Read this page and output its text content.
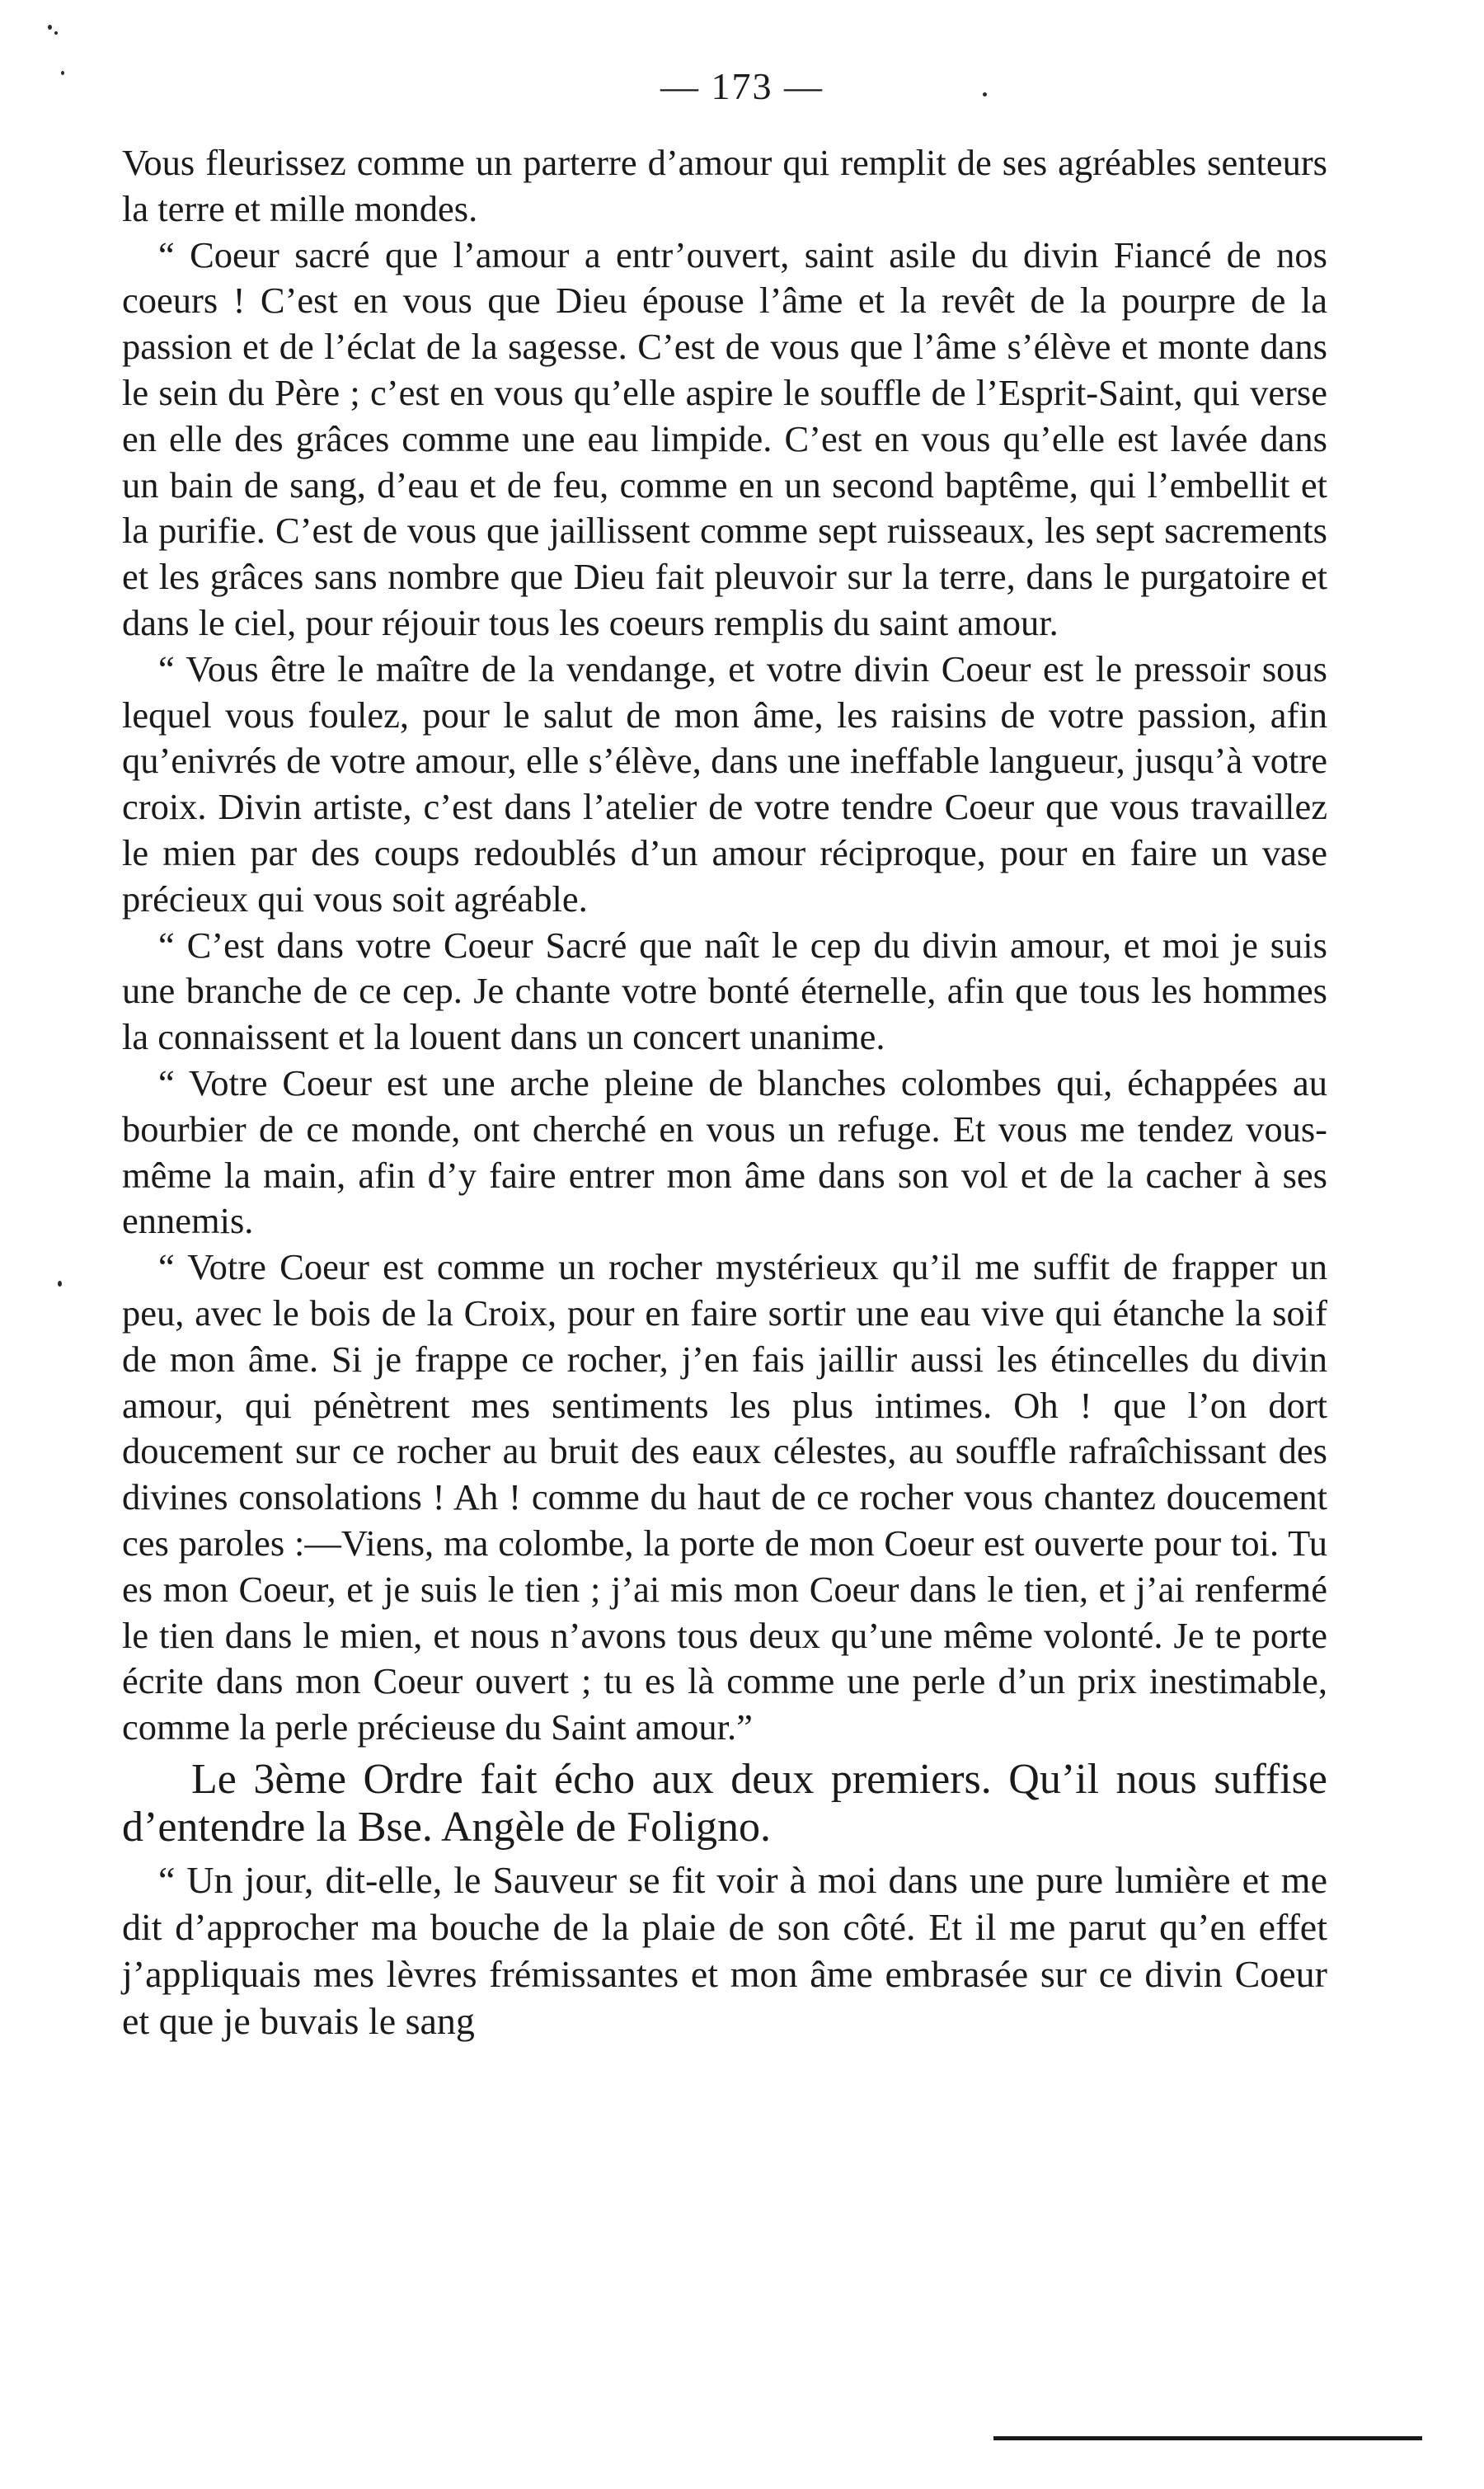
— 173 —

Vous fleurissez comme un parterre d’amour qui remplit de ses agréables senteurs la terre et mille mondes.

“ Coeur sacré que l’amour a entr’ouvert, saint asile du divin Fiancé de nos coeurs ! C’est en vous que Dieu épouse l’âme et la revêt de la pourpre de la passion et de l’éclat de la sagesse. C’est de vous que l’âme s’élève et monte dans le sein du Père ; c’est en vous qu’elle aspire le souffle de l’Esprit-Saint, qui verse en elle des grâces comme une eau limpide. C’est en vous qu’elle est lavée dans un bain de sang, d’eau et de feu, comme en un second baptême, qui l’embellit et la purifie. C’est de vous que jaillissent comme sept ruisseaux, les sept sacrements et les grâces sans nombre que Dieu fait pleuvoir sur la terre, dans le purgatoire et dans le ciel, pour réjouir tous les coeurs remplis du saint amour.

“ Vous être le maître de la vendange, et votre divin Coeur est le pressoir sous lequel vous foulez, pour le salut de mon âme, les raisins de votre passion, afin qu’enivrés de votre amour, elle s’élève, dans une ineffable langueur, jusqu’à votre croix. Divin artiste, c’est dans l’atelier de votre tendre Coeur que vous travaillez le mien par des coups redoublés d’un amour réciproque, pour en faire un vase précieux qui vous soit agréable.

“ C’est dans votre Coeur Sacré que naît le cep du divin amour, et moi je suis une branche de ce cep. Je chante votre bonté éternelle, afin que tous les hommes la connaissent et la louent dans un concert unanime.

“ Votre Coeur est une arche pleine de blanches colombes qui, échappées au bourbier de ce monde, ont cherché en vous un refuge. Et vous me tendez vous-même la main, afin d’y faire entrer mon âme dans son vol et de la cacher à ses ennemis.

“ Votre Coeur est comme un rocher mystérieux qu’il me suffit de frapper un peu, avec le bois de la Croix, pour en faire sortir une eau vive qui étanche la soif de mon âme. Si je frappe ce rocher, j’en fais jaillir aussi les étincelles du divin amour, qui pénètrent mes sentiments les plus intimes. Oh ! que l’on dort doucement sur ce rocher au bruit des eaux célestes, au souffle rafraîchissant des divines consolations ! Ah ! comme du haut de ce rocher vous chantez doucement ces paroles :—Viens, ma colombe, la porte de mon Coeur est ouverte pour toi. Tu es mon Coeur, et je suis le tien ; j’ai mis mon Coeur dans le tien, et j’ai renfermé le tien dans le mien, et nous n’avons tous deux qu’une même volonté. Je te porte écrite dans mon Coeur ouvert ; tu es là comme une perle d’un prix inestimable, comme la perle précieuse du Saint amour.”

Le 3ème Ordre fait écho aux deux premiers. Qu’il nous suffise d’entendre la Bse. Angèle de Foligno.

“ Un jour, dit-elle, le Sauveur se fit voir à moi dans une pure lumière et me dit d’approcher ma bouche de la plaie de son côté. Et il me parut qu’en effet j’appliquais mes lèvres frémissantes et mon âme embrasée sur ce divin Coeur et que je buvais le sang
